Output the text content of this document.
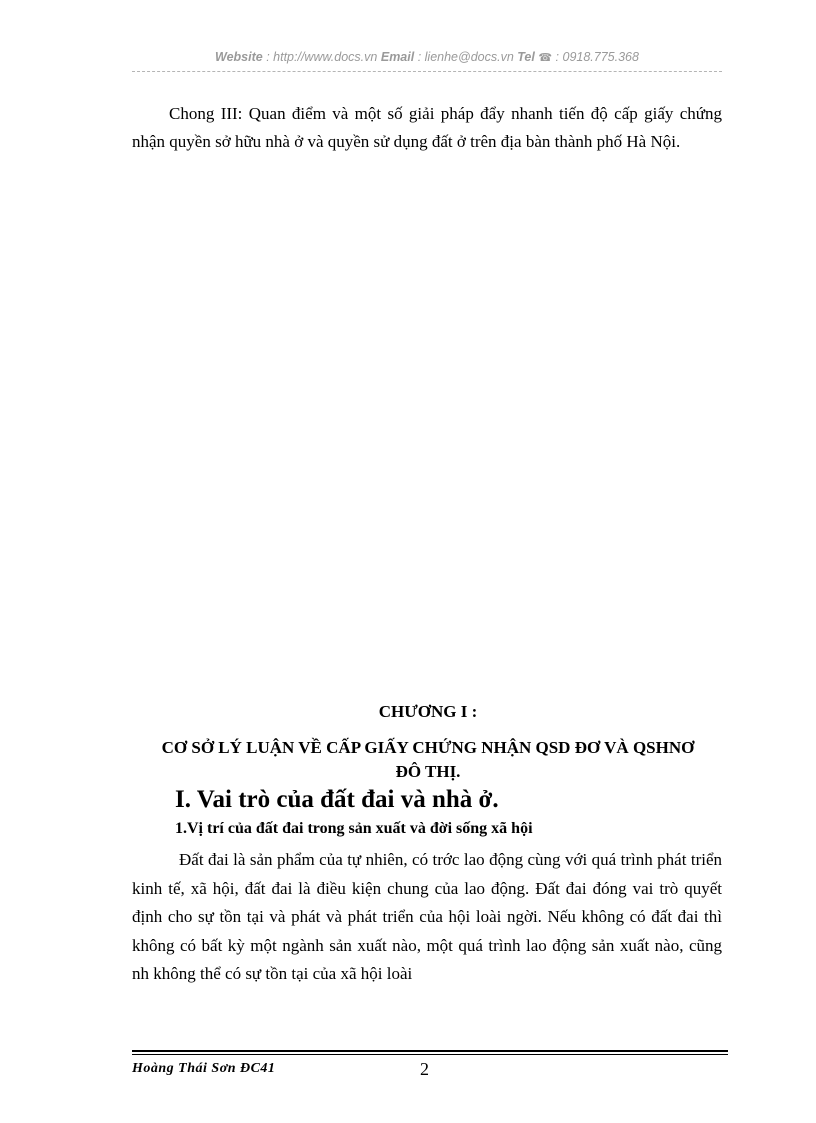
Website : http://www.docs.vn Email : lienhe@docs.vn Tel ☎ : 0918.775.368

Chong III: Quan điểm và một số giải pháp đẩy nhanh tiến độ cấp giấy chứng nhận quyền sở hữu nhà ở và quyền sử dụng đất ở trên địa bàn thành phố Hà Nội.

CHƯƠNG I :

CƠ SỞ LÝ LUẬN VỀ CẤP GIẤY CHỨNG NHẬN QSD ĐƠ VÀ QSHNƠ
ĐÔ THỊ.

I. Vai trò của đất đai và nhà ở.
1.Vị trí của đất đai trong sản xuất và đời sống xã hội

Đất đai là sản phẩm của tự nhiên, có trớc lao động cùng với quá trình phát triển kinh tế, xã hội, đất đai là điều kiện chung của lao động. Đất đai đóng vai trò quyết định cho sự tồn tại và phát và phát triển của hội loài ngời. Nếu không có đất đai thì không có bất kỳ một ngành sản xuất nào, một quá trình lao động sản xuất nào, cũng nh không thể có sự tồn tại của xã hội loài

Hoàng Thái Sơn ĐC41	2
